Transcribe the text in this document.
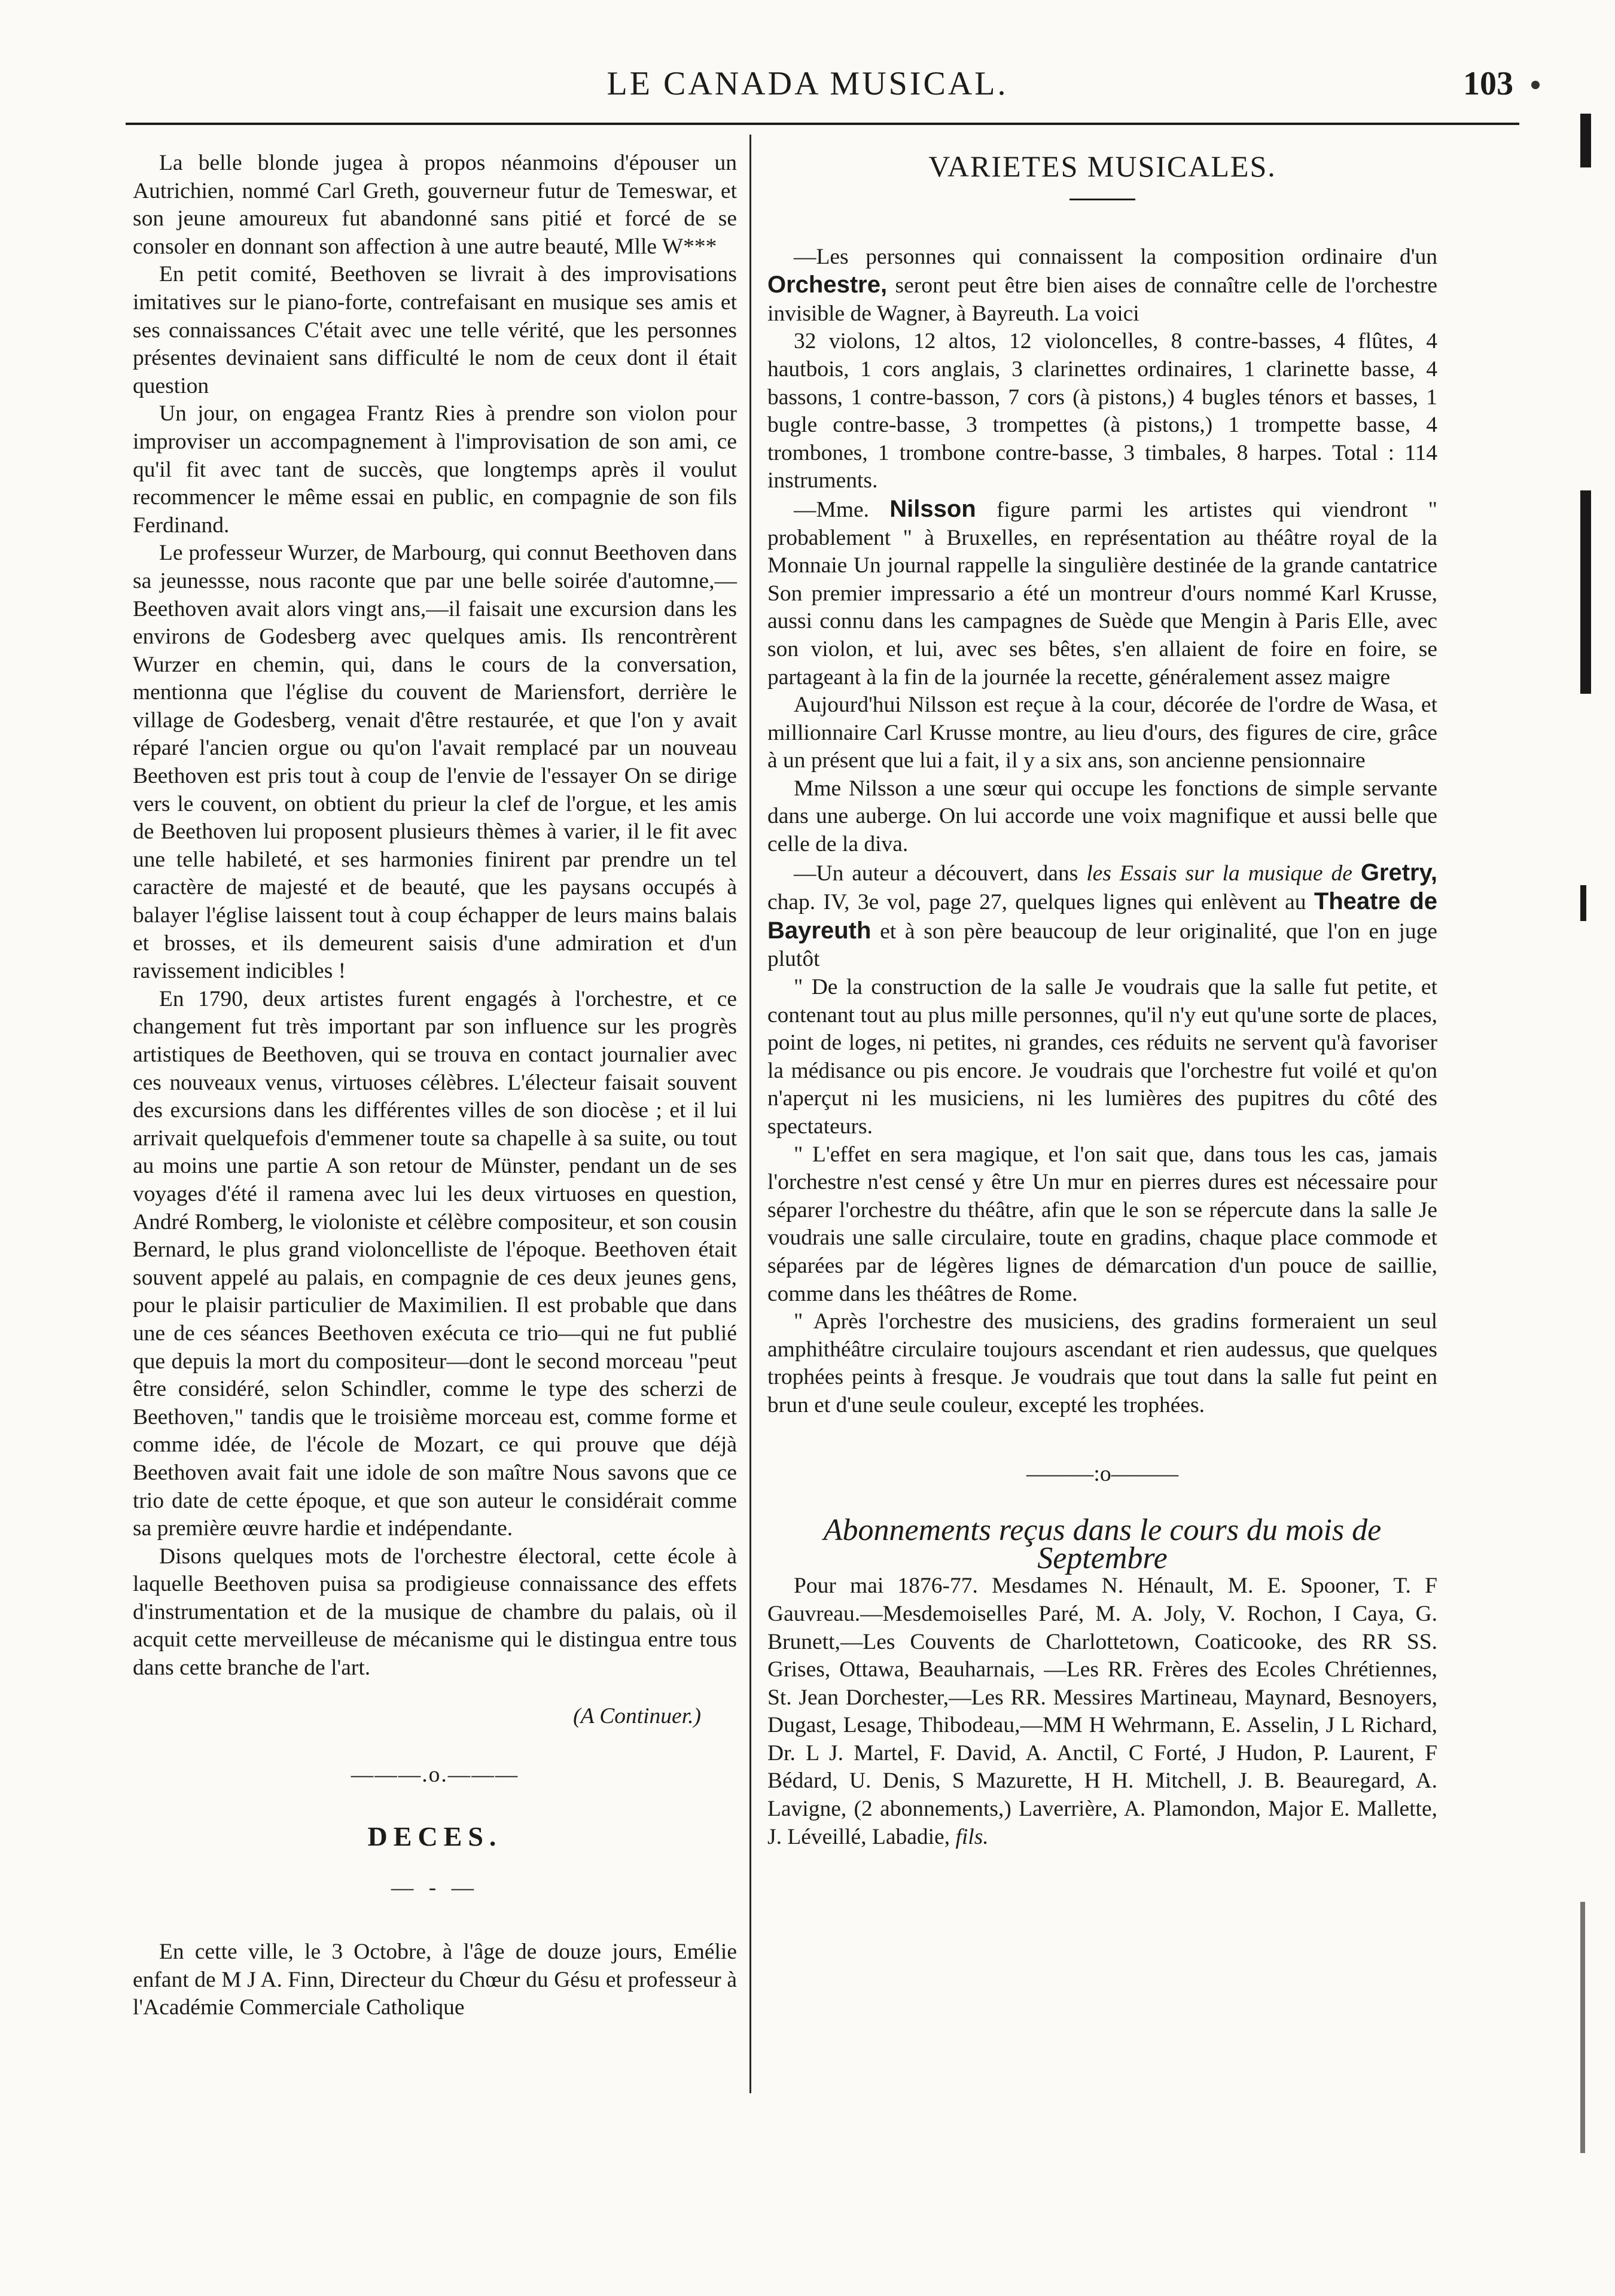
LE CANADA MUSICAL.	103

La belle blonde jugea à propos néanmoins d'épouser un Autrichien, nommé Carl Greth, gouverneur futur de Temeswar, et son jeune amoureux fut abandonné sans pitié et forcé de se consoler en donnant son affection à une autre beauté, Mlle W***

En petit comité, Beethoven se livrait à des improvisations imitatives sur le piano-forte, contrefaisant en musique ses amis et ses connaissances C'était avec une telle vérité, que les personnes présentes devinaient sans difficulté le nom de ceux dont il était question

Un jour, on engagea Frantz Ries à prendre son violon pour improviser un accompagnement à l'improvisation de son ami, ce qu'il fit avec tant de succès, que longtemps après il voulut recommencer le même essai en public, en compagnie de son fils Ferdinand.

Le professeur Wurzer, de Marbourg, qui connut Beethoven dans sa jeunessse, nous raconte que par une belle soirée d'automne,—Beethoven avait alors vingt ans,—il faisait une excursion dans les environs de Godesberg avec quelques amis. Ils rencontrèrent Wurzer en chemin, qui, dans le cours de la conversation, mentionna que l'église du couvent de Mariensfort, derrière le village de Godesberg, venait d'être restaurée, et que l'on y avait réparé l'ancien orgue ou qu'on l'avait remplacé par un nouveau Beethoven est pris tout à coup de l'envie de l'essayer On se dirige vers le couvent, on obtient du prieur la clef de l'orgue, et les amis de Beethoven lui proposent plusieurs thèmes à varier, il le fit avec une telle habileté, et ses harmonies finirent par prendre un tel caractère de majesté et de beauté, que les paysans occupés à balayer l'église laissent tout à coup échapper de leurs mains balais et brosses, et ils demeurent saisis d'une admiration et d'un ravissement indicibles !

En 1790, deux artistes furent engagés à l'orchestre, et ce changement fut très important par son influence sur les progrès artistiques de Beethoven, qui se trouva en contact journalier avec ces nouveaux venus, virtuoses célèbres. L'électeur faisait souvent des excursions dans les différentes villes de son diocèse ; et il lui arrivait quelquefois d'emmener toute sa chapelle à sa suite, ou tout au moins une partie A son retour de Münster, pendant un de ses voyages d'été il ramena avec lui les deux virtuoses en question, André Romberg, le violoniste et célèbre compositeur, et son cousin Bernard, le plus grand violoncelliste de l'époque. Beethoven était souvent appelé au palais, en compagnie de ces deux jeunes gens, pour le plaisir particulier de Maximilien. Il est probable que dans une de ces séances Beethoven exécuta ce trio—qui ne fut publié que depuis la mort du compositeur—dont le second morceau "peut être considéré, selon Schindler, comme le type des scherzi de Beethoven," tandis que le troisième morceau est, comme forme et comme idée, de l'école de Mozart, ce qui prouve que déjà Beethoven avait fait une idole de son maître Nous savons que ce trio date de cette époque, et que son auteur le considérait comme sa première œuvre hardie et indépendante.

Disons quelques mots de l'orchestre électoral, cette école à laquelle Beethoven puisa sa prodigieuse connaissance des effets d'instrumentation et de la musique de chambre du palais, où il acquit cette merveilleuse de mécanisme qui le distingua entre tous dans cette branche de l'art.

(A Continuer.)
———.o.———
DECES.
— - —

En cette ville, le 3 Octobre, à l'âge de douze jours, Emélie enfant de M J A. Finn, Directeur du Chœur du Gésu et professeur à l'Académie Commerciale Catholique

VARIETES MUSICALES.

—Les personnes qui connaissent la composition ordinaire d'un Orchestre, seront peut être bien aises de connaître celle de l'orchestre invisible de Wagner, à Bayreuth. La voici

32 violons, 12 altos, 12 violoncelles, 8 contre-basses, 4 flûtes, 4 hautbois, 1 cors anglais, 3 clarinettes ordinaires, 1 clarinette basse, 4 bassons, 1 contre-basson, 7 cors (à pistons,) 4 bugles ténors et basses, 1 bugle contre-basse, 3 trompettes (à pistons,) 1 trompette basse, 4 trombones, 1 trombone contre-basse, 3 timbales, 8 harpes. Total : 114 instruments.

—Mme. Nilsson figure parmi les artistes qui viendront " probablement " à Bruxelles, en représentation au théâtre royal de la Monnaie Un journal rappelle la singulière destinée de la grande cantatrice Son premier impressario a été un montreur d'ours nommé Karl Krusse, aussi connu dans les campagnes de Suède que Mengin à Paris Elle, avec son violon, et lui, avec ses bêtes, s'en allaient de foire en foire, se partageant à la fin de la journée la recette, généralement assez maigre

Aujourd'hui Nilsson est reçue à la cour, décorée de l'ordre de Wasa, et millionnaire Carl Krusse montre, au lieu d'ours, des figures de cire, grâce à un présent que lui a fait, il y a six ans, son ancienne pensionnaire

Mme Nilsson a une sœur qui occupe les fonctions de simple servante dans une auberge. On lui accorde une voix magnifique et aussi belle que celle de la diva.

—Un auteur a découvert, dans les Essais sur la musique de Gretry, chap. IV, 3e vol, page 27, quelques lignes qui enlèvent au Theatre de Bayreuth et à son père beaucoup de leur originalité, que l'on en juge plutôt

" De la construction de la salle Je voudrais que la salle fut petite, et contenant tout au plus mille personnes, qu'il n'y eut qu'une sorte de places, point de loges, ni petites, ni grandes, ces réduits ne servent qu'à favoriser la médisance ou pis encore. Je voudrais que l'orchestre fut voilé et qu'on n'aperçut ni les musiciens, ni les lumières des pupitres du côté des spectateurs.

" L'effet en sera magique, et l'on sait que, dans tous les cas, jamais l'orchestre n'est censé y être Un mur en pierres dures est nécessaire pour séparer l'orchestre du théâtre, afin que le son se répercute dans la salle Je voudrais une salle circulaire, toute en gradins, chaque place commode et séparées par de légères lignes de démarcation d'un pouce de saillie, comme dans les théâtres de Rome.

" Après l'orchestre des musiciens, des gradins formeraient un seul amphithéâtre circulaire toujours ascendant et rien audessus, que quelques trophées peints à fresque. Je voudrais que tout dans la salle fut peint en brun et d'une seule couleur, excepté les trophées.

———:o———

Abonnements reçus dans le cours du mois de Septembre

Pour mai 1876-77. Mesdames N. Hénault, M. E. Spooner, T. F Gauvreau.—Mesdemoiselles Paré, M. A. Joly, V. Rochon, I Caya, G. Brunett,—Les Couvents de Charlottetown, Coaticooke, des RR SS. Grises, Ottawa, Beauharnais, —Les RR. Frères des Ecoles Chrétiennes, St. Jean Dorchester,—Les RR. Messires Martineau, Maynard, Besnoyers, Dugast, Lesage, Thibodeau,—MM H Wehrmann, E. Asselin, J L Richard, Dr. L J. Martel, F. David, A. Anctil, C Forté, J Hudon, P. Laurent, F Bédard, U. Denis, S Mazurette, H H. Mitchell, J. B. Beauregard, A. Lavigne, (2 abonnements,) Laverrière, A. Plamondon, Major E. Mallette, J. Léveillé, Labadie, fils.
